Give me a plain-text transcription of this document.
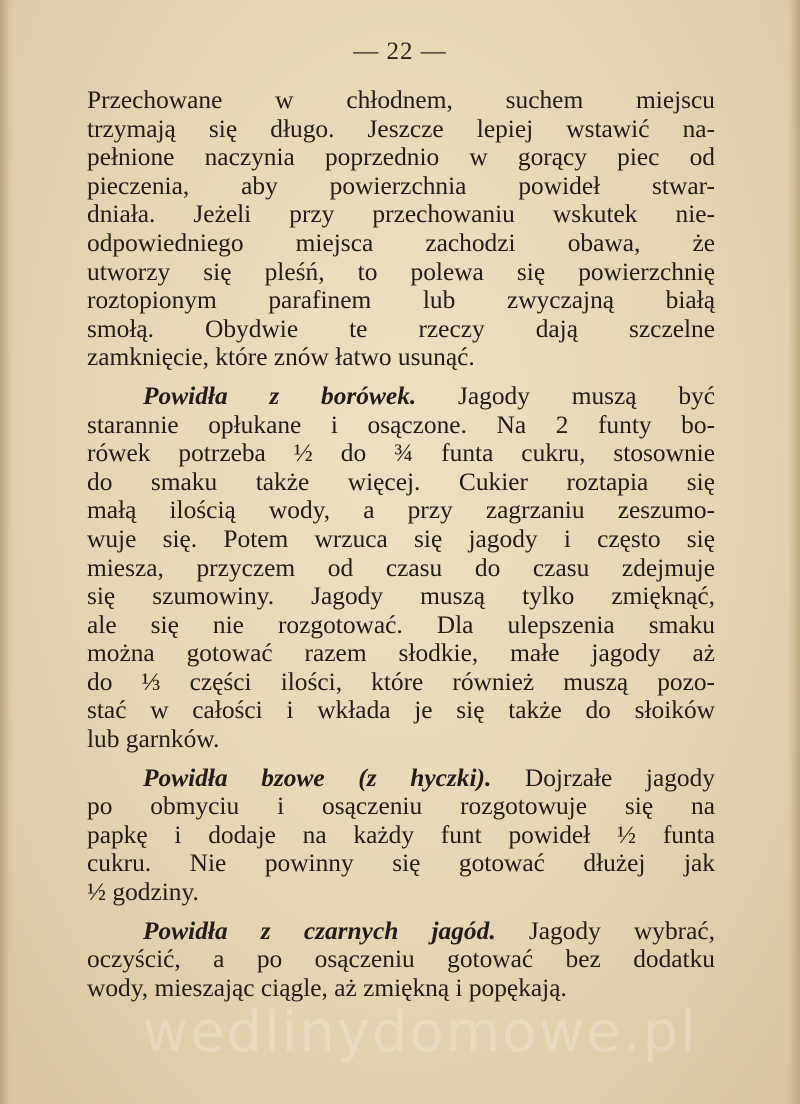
— 22 —
Przechowane w chłodnem, suchem miejscu
trzymają się długo. Jeszcze lepiej wstawić na-
pełnione naczynia poprzednio w gorący piec od
pieczenia, aby powierzchnia powideł stwar-
dniała. Jeżeli przy przechowaniu wskutek nie-
odpowiedniego miejsca zachodzi obawa, że
utworzy się pleśń, to polewa się powierzchnię
roztopionym parafinem lub zwyczajną białą
smołą. Obydwie te rzeczy dają szczelne
zamknięcie, które znów łatwo usunąć.
Powidła z borówek. Jagody muszą być
starannie opłukane i osączone. Na 2 funty bo-
rówek potrzeba ½ do ¾ funta cukru, stosownie
do smaku także więcej. Cukier roztapia się
małą ilością wody, a przy zagrzaniu zeszumo-
wuje się. Potem wrzuca się jagody i często się
miesza, przyczem od czasu do czasu zdejmuje
się szumowiny. Jagody muszą tylko zmięknąć,
ale się nie rozgotować. Dla ulepszenia smaku
można gotować razem słodkie, małe jagody aż
do ⅓ części ilości, które również muszą pozo-
stać w całości i wkłada je się także do słoików
lub garnków.
Powidła bzowe (z hyczki). Dojrzałe jagody
po obmyciu i osączeniu rozgotowuje się na
papkę i dodaje na każdy funt powideł ½ funta
cukru. Nie powinny się gotować dłużej jak
½ godziny.
Powidła z czarnych jagód. Jagody wybrać,
oczyścić, a po osączeniu gotować bez dodatku
wody, mieszając ciągle, aż zmiękną i popękają.
wedlinydomowe.pl
